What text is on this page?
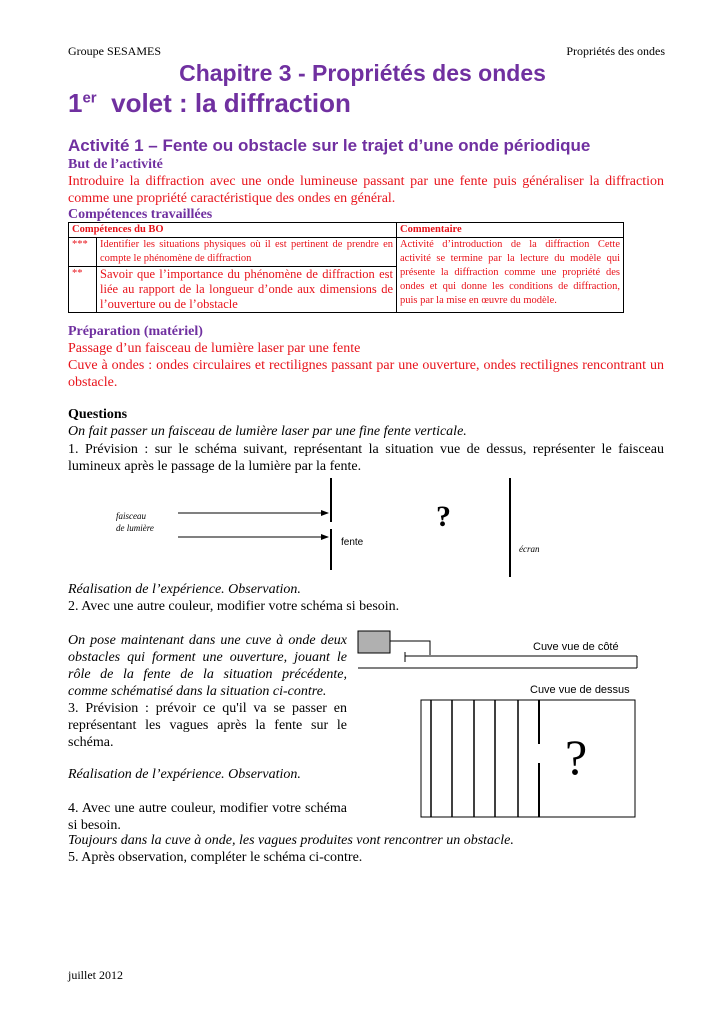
Groupe SESAMES	Propriétés des ondes
Chapitre 3 - Propriétés des ondes
1er volet : la diffraction
Activité 1 – Fente ou obstacle sur le trajet d’une onde périodique
But de l’activité
Introduire la diffraction avec une onde lumineuse passant par une fente puis généraliser la diffraction comme une propriété caractéristique des ondes en général.
Compétences travaillées
Compétences du BO		Commentaire
***	Identifier les situations physiques où il est pertinent de prendre en compte le phénomène de diffraction	Activité d’introduction de la diffraction Cette activité se termine par la lecture du modèle qui présente la diffraction comme une propriété des ondes et qui donne les conditions de diffraction, puis par la mise en œuvre du modèle.
**	Savoir que l’importance du phénomène de diffraction est liée au rapport de la longueur d’onde aux dimensions de l’ouverture ou de l’obstacle	
Préparation (matériel)
Passage d’un faisceau de lumière laser par une fente
Cuve à ondes : ondes circulaires et rectilignes passant par une ouverture, ondes rectilignes rencontrant un obstacle.
Questions
On fait passer un faisceau de lumière laser par une fine fente verticale.
1. Prévision : sur le schéma suivant, représentant la situation vue de dessus, représenter le faisceau lumineux après le passage de la lumière par la fente.
faisceau
de lumière
fente
écran
?
Réalisation de l’expérience. Observation.
2. Avec une autre couleur, modifier votre schéma si besoin.
On pose maintenant dans une cuve à onde deux obstacles qui forment une ouverture, jouant le rôle de la fente de la situation précédente, comme schématisé dans la situation ci-contre.
3. Prévision : prévoir ce qu'il va se passer en représentant les vagues après la fente sur le schéma.
Réalisation de l’expérience. Observation.
4. Avec une autre couleur, modifier votre schéma si besoin.
Toujours dans la cuve à onde, les vagues produites vont rencontrer un obstacle.
5. Après observation, compléter le schéma ci-contre.
Cuve vue de côté
Cuve vue de dessus
?
juillet 2012
